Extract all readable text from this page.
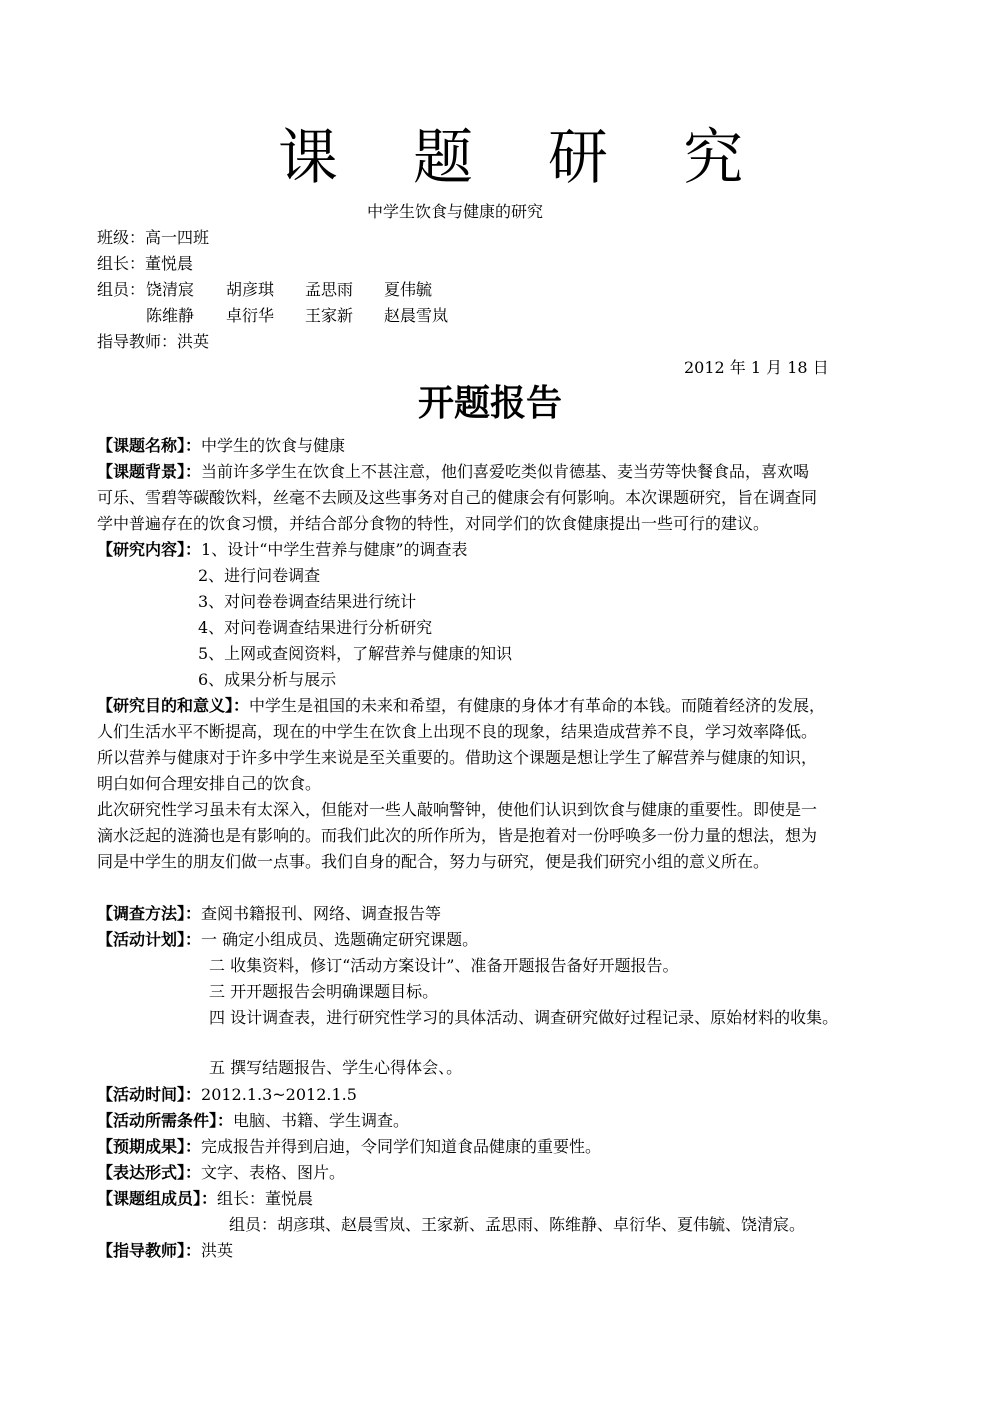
课 题 研 究
中学生饮食与健康的研究
班级：高一四班
组长：董悦晨
组员： 饶清宸 胡彦琪 孟思雨 夏伟毓
陈维静 卓衍华 王家新 赵晨雪岚
指导教师：洪英
2012 年 1 月 18 日
开题报告
【课题名称】：中学生的饮食与健康
【课题背景】：当前许多学生在饮食上不甚注意，他们喜爱吃类似肯德基、麦当劳等快餐食品，喜欢喝
可乐、雪碧等碳酸饮料，丝毫不去顾及这些事务对自己的健康会有何影响。本次课题研究，旨在调查同
学中普遍存在的饮食习惯，并结合部分食物的特性，对同学们的饮食健康提出一些可行的建议。
【研究内容】：1、设计“中学生营养与健康”的调查表
2、进行问卷调查
3、对问卷卷调查结果进行统计
4、对问卷调查结果进行分析研究
5、上网或查阅资料，了解营养与健康的知识
6、成果分析与展示
【研究目的和意义】：中学生是祖国的未来和希望，有健康的身体才有革命的本钱。而随着经济的发展，
人们生活水平不断提高，现在的中学生在饮食上出现不良的现象，结果造成营养不良，学习效率降低。
所以营养与健康对于许多中学生来说是至关重要的。借助这个课题是想让学生了解营养与健康的知识，
明白如何合理安排自己的饮食。
此次研究性学习虽未有太深入，但能对一些人敲响警钟，使他们认识到饮食与健康的重要性。即使是一
滴水泛起的涟漪也是有影响的。而我们此次的所作所为，皆是抱着对一份呼唤多一份力量的想法，想为
同是中学生的朋友们做一点事。我们自身的配合，努力与研究，便是我们研究小组的意义所在。
【调查方法】：查阅书籍报刊、网络、调查报告等
【活动计划】：一 确定小组成员、选题确定研究课题。
二 收集资料，修订“活动方案设计”、准备开题报告备好开题报告。
三 开开题报告会明确课题目标。
四 设计调查表，进行研究性学习的具体活动、调查研究做好过程记录、原始材料的收集。
五 撰写结题报告、学生心得体会、。
【活动时间】：2012.1.3~2012.1.5
【活动所需条件】：电脑、书籍、学生调查。
【预期成果】：完成报告并得到启迪，令同学们知道食品健康的重要性。
【表达形式】：文字、表格、图片。
【课题组成员】：组长：董悦晨
组员：胡彦琪、赵晨雪岚、王家新、孟思雨、陈维静、卓衍华、夏伟毓、饶清宸。
【指导教师】：洪英
